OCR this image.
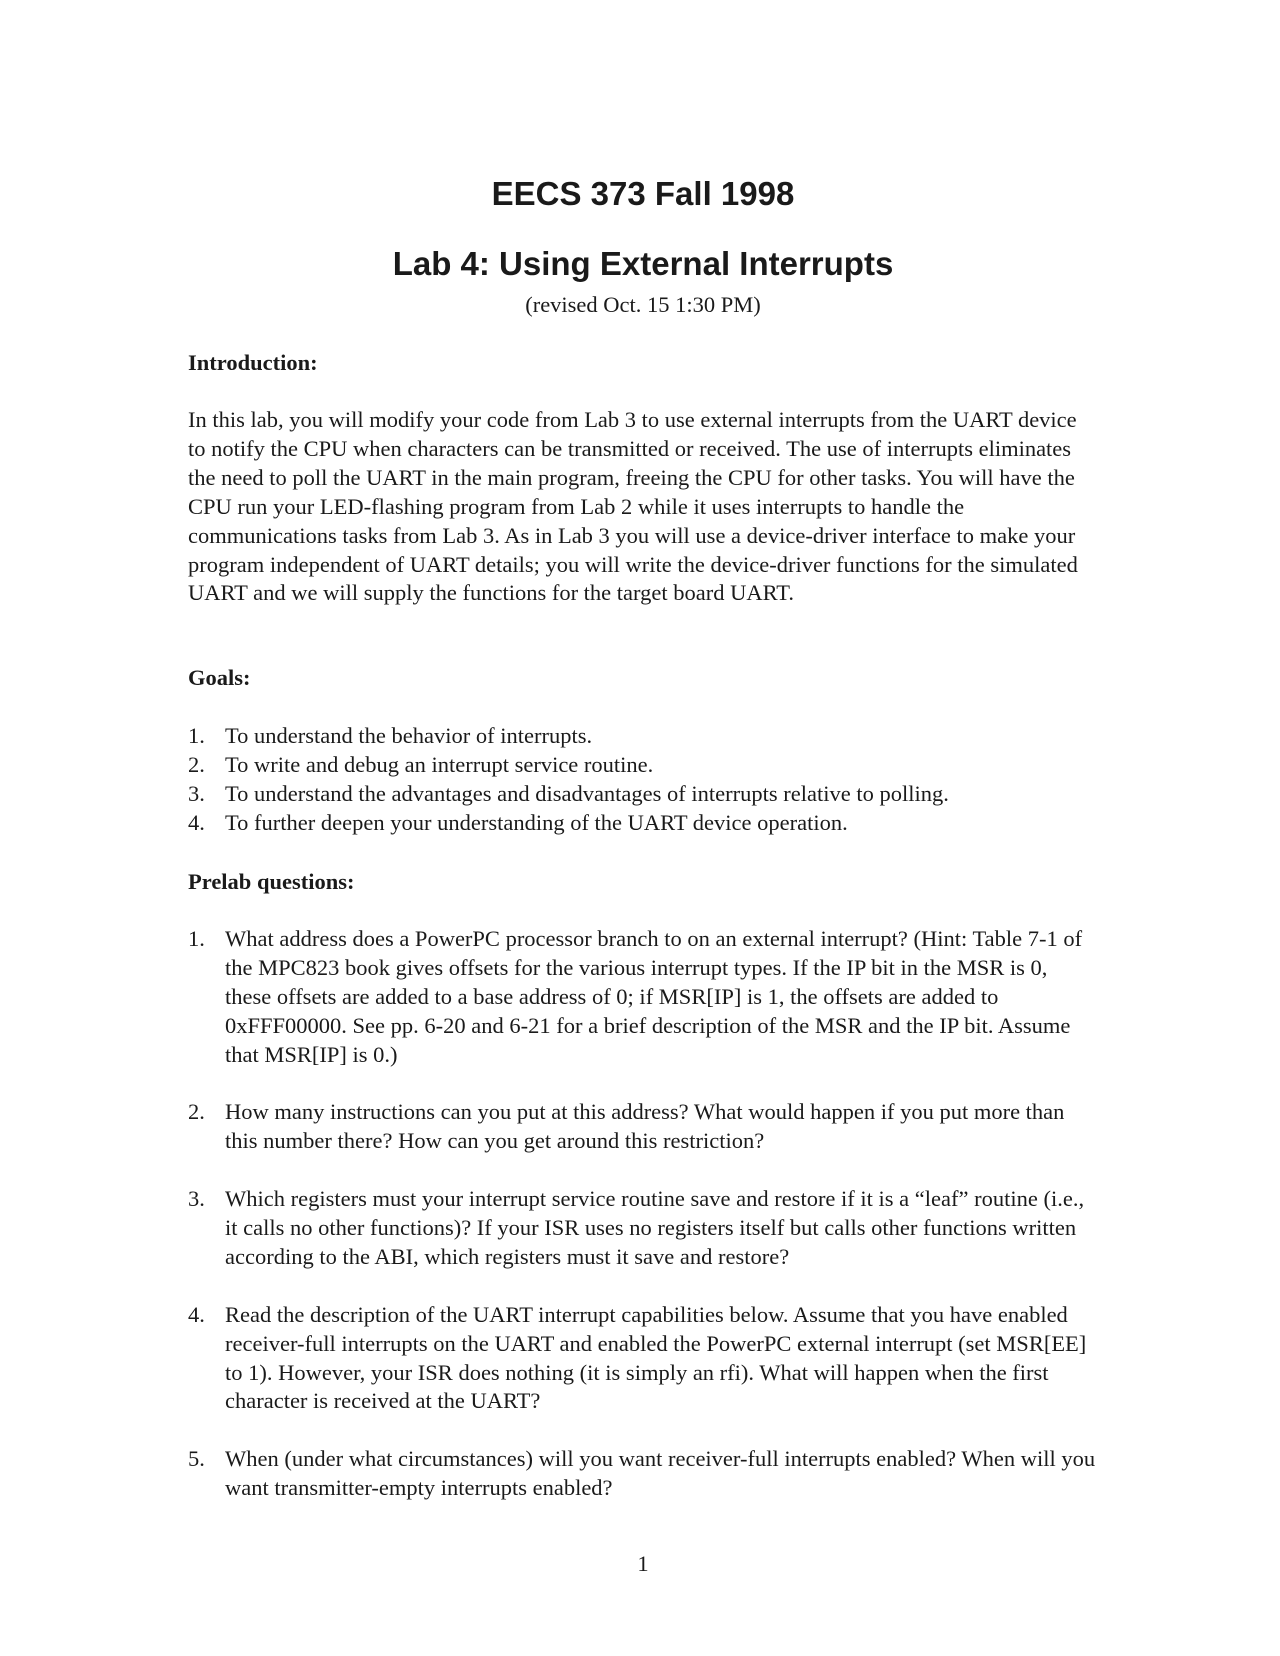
EECS 373 Fall 1998
Lab 4: Using External Interrupts

(revised Oct. 15 1:30 PM)

Introduction:

In this lab, you will modify your code from Lab 3 to use external interrupts from the UART device to notify the CPU when characters can be transmitted or received. The use of interrupts eliminates the need to poll the UART in the main program, freeing the CPU for other tasks. You will have the CPU run your LED-flashing program from Lab 2 while it uses interrupts to handle the communications tasks from Lab 3. As in Lab 3 you will use a device-driver interface to make your program independent of UART details; you will write the device-driver functions for the simulated UART and we will supply the functions for the target board UART.

Goals:
1. To understand the behavior of interrupts.
2. To write and debug an interrupt service routine.
3. To understand the advantages and disadvantages of interrupts relative to polling.
4. To further deepen your understanding of the UART device operation.
Prelab questions:
1. What address does a PowerPC processor branch to on an external interrupt? (Hint: Table 7-1 of the MPC823 book gives offsets for the various interrupt types. If the IP bit in the MSR is 0, these offsets are added to a base address of 0; if MSR[IP] is 1, the offsets are added to 0xFFF00000. See pp. 6-20 and 6-21 for a brief description of the MSR and the IP bit. Assume that MSR[IP] is 0.)
2. How many instructions can you put at this address? What would happen if you put more than this number there? How can you get around this restriction?
3. Which registers must your interrupt service routine save and restore if it is a “leaf” routine (i.e., it calls no other functions)? If your ISR uses no registers itself but calls other functions written according to the ABI, which registers must it save and restore?
4. Read the description of the UART interrupt capabilities below. Assume that you have enabled receiver-full interrupts on the UART and enabled the PowerPC external interrupt (set MSR[EE] to 1). However, your ISR does nothing (it is simply an rfi). What will happen when the first character is received at the UART?
5. When (under what circumstances) will you want receiver-full interrupts enabled? When will you want transmitter-empty interrupts enabled?

1
